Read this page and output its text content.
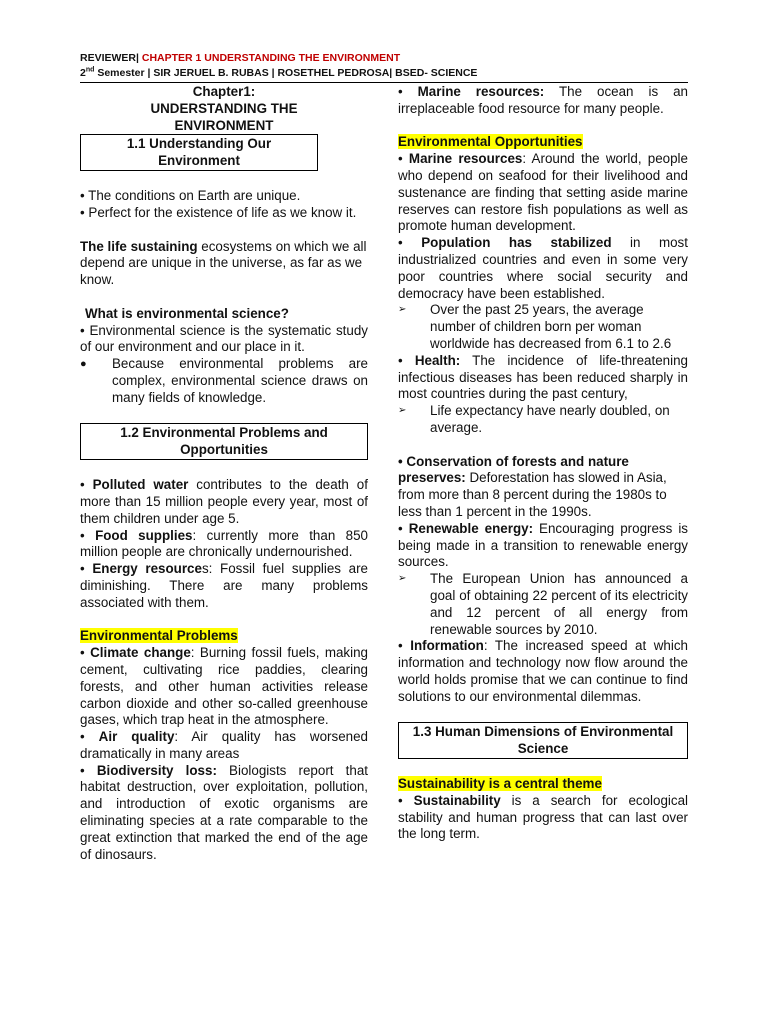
REVIEWER| CHAPTER 1 UNDERSTANDING THE ENVIRONMENT
2nd Semester | SIR JERUEL B. RUBAS | ROSETHEL PEDROSA| BSED- SCIENCE

Chapter1:

UNDERSTANDING THE

ENVIRONMENT

1.1 Understanding Our Environment

• The conditions on Earth are unique.

• Perfect for the existence of life as we know it.

The life sustaining ecosystems on which we all depend are unique in the universe, as far as we know.

What is environmental science?

• Environmental science is the systematic study of our environment and our place in it.

●	Because environmental problems are complex, environmental science draws on many fields of knowledge.
1.2 Environmental Problems and Opportunities

• Polluted water contributes to the death of more than 15 million people every year, most of them children under age 5.

• Food supplies: currently more than 850 million people are chronically undernourished.

• Energy resources: Fossil fuel supplies are diminishing. There are many problems associated with them.

Environmental Problems

• Climate change: Burning fossil fuels, making cement, cultivating rice paddies, clearing forests, and other human activities release carbon dioxide and other so-called greenhouse gases, which trap heat in the atmosphere.

• Air quality: Air quality has worsened dramatically in many areas

• Biodiversity loss: Biologists report that habitat destruction, over exploitation, pollution, and introduction of exotic organisms are eliminating species at a rate comparable to the great extinction that marked the end of the age of dinosaurs.

• Marine resources: The ocean is an irreplaceable food resource for many people.

Environmental Opportunities

• Marine resources: Around the world, people who depend on seafood for their livelihood and sustenance are finding that setting aside marine reserves can restore fish populations as well as promote human development.

• Population has stabilized in most industrialized countries and even in some very poor countries where social security and democracy have been established.

➢	Over the past 25 years, the average number of children born per woman worldwide has decreased from 6.1 to 2.6

• Health: The incidence of life-threatening infectious diseases has been reduced sharply in most countries during the past century,

➢	Life expectancy have nearly doubled, on average.

• Conservation of forests and nature preserves: Deforestation has slowed in Asia, from more than 8 percent during the 1980s to less than 1 percent in the 1990s.

• Renewable energy: Encouraging progress is being made in a transition to renewable energy sources.

➢	The European Union has announced a goal of obtaining 22 percent of its electricity and 12 percent of all energy from renewable sources by 2010.

• Information: The increased speed at which information and technology now flow around the world holds promise that we can continue to find solutions to our environmental dilemmas.

1.3 Human Dimensions of Environmental Science

Sustainability is a central theme

• Sustainability is a search for ecological stability and human progress that can last over the long term.
